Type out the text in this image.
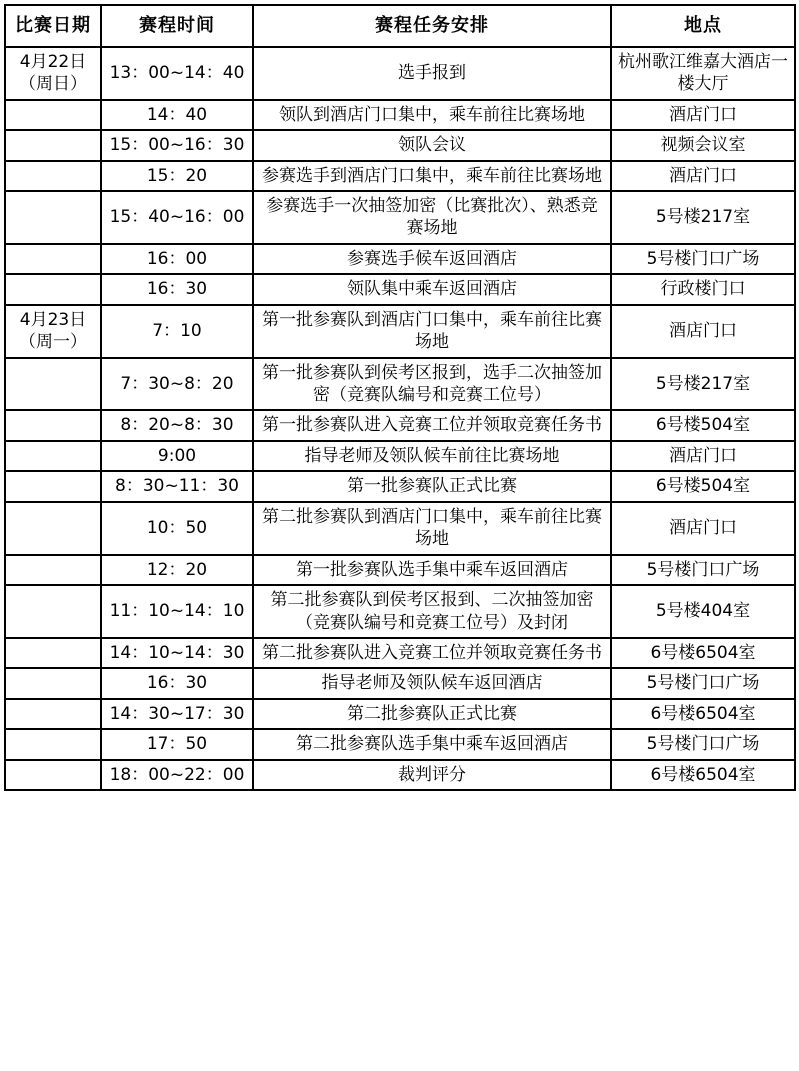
比赛日期	赛程时间	赛程任务安排	地点
4月22日（周日）	13：00~14：40	选手报到	杭州歌江维嘉大酒店一楼大厅
	14：40	领队到酒店门口集中，乘车前往比赛场地	酒店门口
	15：00~16：30	领队会议	视频会议室
	15：20	参赛选手到酒店门口集中，乘车前往比赛场地	酒店门口
	15：40~16：00	参赛选手一次抽签加密（比赛批次）、熟悉竞赛场地	5号楼217室
	16：00	参赛选手候车返回酒店	5号楼门口广场
	16：30	领队集中乘车返回酒店	行政楼门口
4月23日（周一）	7：10	第一批参赛队到酒店门口集中，乘车前往比赛场地	酒店门口
	7：30~8：20	第一批参赛队到侯考区报到，选手二次抽签加密（竞赛队编号和竞赛工位号）	5号楼217室
	8：20~8：30	第一批参赛队进入竞赛工位并领取竞赛任务书	6号楼504室
	9:00	指导老师及领队候车前往比赛场地	酒店门口
	8：30~11：30	第一批参赛队正式比赛	6号楼504室
	10：50	第二批参赛队到酒店门口集中，乘车前往比赛场地	酒店门口
	12：20	第一批参赛队选手集中乘车返回酒店	5号楼门口广场
	11：10~14：10	第二批参赛队到侯考区报到、二次抽签加密（竞赛队编号和竞赛工位号）及封闭	5号楼404室
	14：10~14：30	第二批参赛队进入竞赛工位并领取竞赛任务书	6号楼6504室
	16：30	指导老师及领队候车返回酒店	5号楼门口广场
	14：30~17：30	第二批参赛队正式比赛	6号楼6504室
	17：50	第二批参赛队选手集中乘车返回酒店	5号楼门口广场
	18：00~22：00	裁判评分	6号楼6504室
